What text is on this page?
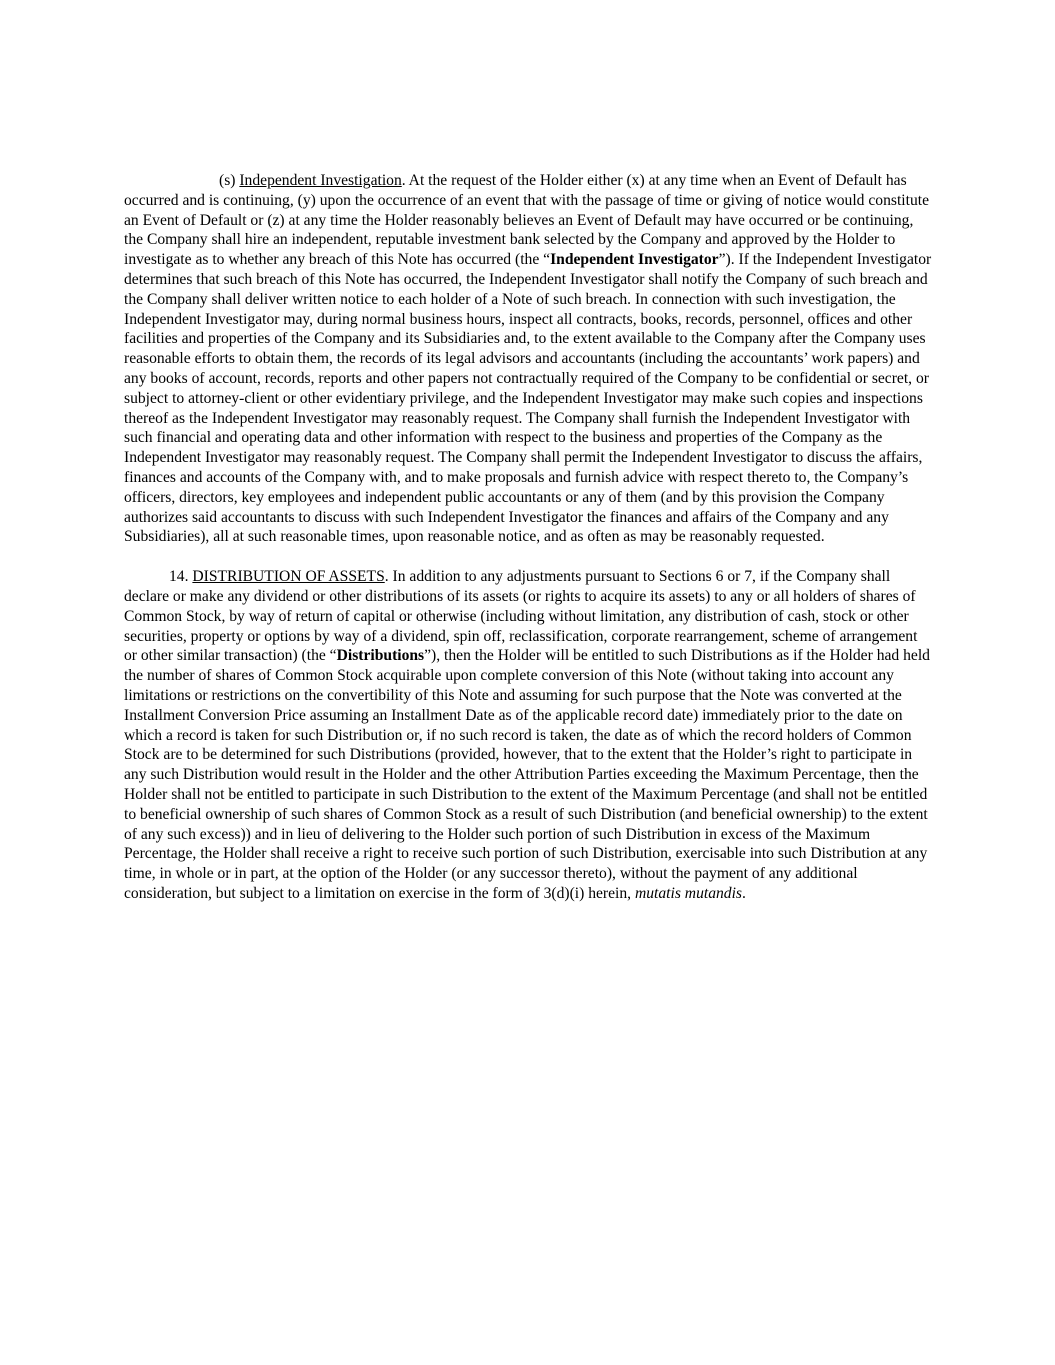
(s) Independent Investigation. At the request of the Holder either (x) at any time when an Event of Default has occurred and is continuing, (y) upon the occurrence of an event that with the passage of time or giving of notice would constitute an Event of Default or (z) at any time the Holder reasonably believes an Event of Default may have occurred or be continuing, the Company shall hire an independent, reputable investment bank selected by the Company and approved by the Holder to investigate as to whether any breach of this Note has occurred (the “Independent Investigator”). If the Independent Investigator determines that such breach of this Note has occurred, the Independent Investigator shall notify the Company of such breach and the Company shall deliver written notice to each holder of a Note of such breach. In connection with such investigation, the Independent Investigator may, during normal business hours, inspect all contracts, books, records, personnel, offices and other facilities and properties of the Company and its Subsidiaries and, to the extent available to the Company after the Company uses reasonable efforts to obtain them, the records of its legal advisors and accountants (including the accountants’ work papers) and any books of account, records, reports and other papers not contractually required of the Company to be confidential or secret, or subject to attorney-client or other evidentiary privilege, and the Independent Investigator may make such copies and inspections thereof as the Independent Investigator may reasonably request. The Company shall furnish the Independent Investigator with such financial and operating data and other information with respect to the business and properties of the Company as the Independent Investigator may reasonably request. The Company shall permit the Independent Investigator to discuss the affairs, finances and accounts of the Company with, and to make proposals and furnish advice with respect thereto to, the Company’s officers, directors, key employees and independent public accountants or any of them (and by this provision the Company authorizes said accountants to discuss with such Independent Investigator the finances and affairs of the Company and any Subsidiaries), all at such reasonable times, upon reasonable notice, and as often as may be reasonably requested.

14. DISTRIBUTION OF ASSETS. In addition to any adjustments pursuant to Sections 6 or 7, if the Company shall declare or make any dividend or other distributions of its assets (or rights to acquire its assets) to any or all holders of shares of Common Stock, by way of return of capital or otherwise (including without limitation, any distribution of cash, stock or other securities, property or options by way of a dividend, spin off, reclassification, corporate rearrangement, scheme of arrangement or other similar transaction) (the “Distributions”), then the Holder will be entitled to such Distributions as if the Holder had held the number of shares of Common Stock acquirable upon complete conversion of this Note (without taking into account any limitations or restrictions on the convertibility of this Note and assuming for such purpose that the Note was converted at the Installment Conversion Price assuming an Installment Date as of the applicable record date) immediately prior to the date on which a record is taken for such Distribution or, if no such record is taken, the date as of which the record holders of Common Stock are to be determined for such Distributions (provided, however, that to the extent that the Holder’s right to participate in any such Distribution would result in the Holder and the other Attribution Parties exceeding the Maximum Percentage, then the Holder shall not be entitled to participate in such Distribution to the extent of the Maximum Percentage (and shall not be entitled to beneficial ownership of such shares of Common Stock as a result of such Distribution (and beneficial ownership) to the extent of any such excess)) and in lieu of delivering to the Holder such portion of such Distribution in excess of the Maximum Percentage, the Holder shall receive a right to receive such portion of such Distribution, exercisable into such Distribution at any time, in whole or in part, at the option of the Holder (or any successor thereto), without the payment of any additional consideration, but subject to a limitation on exercise in the form of 3(d)(i) herein, mutatis mutandis.
